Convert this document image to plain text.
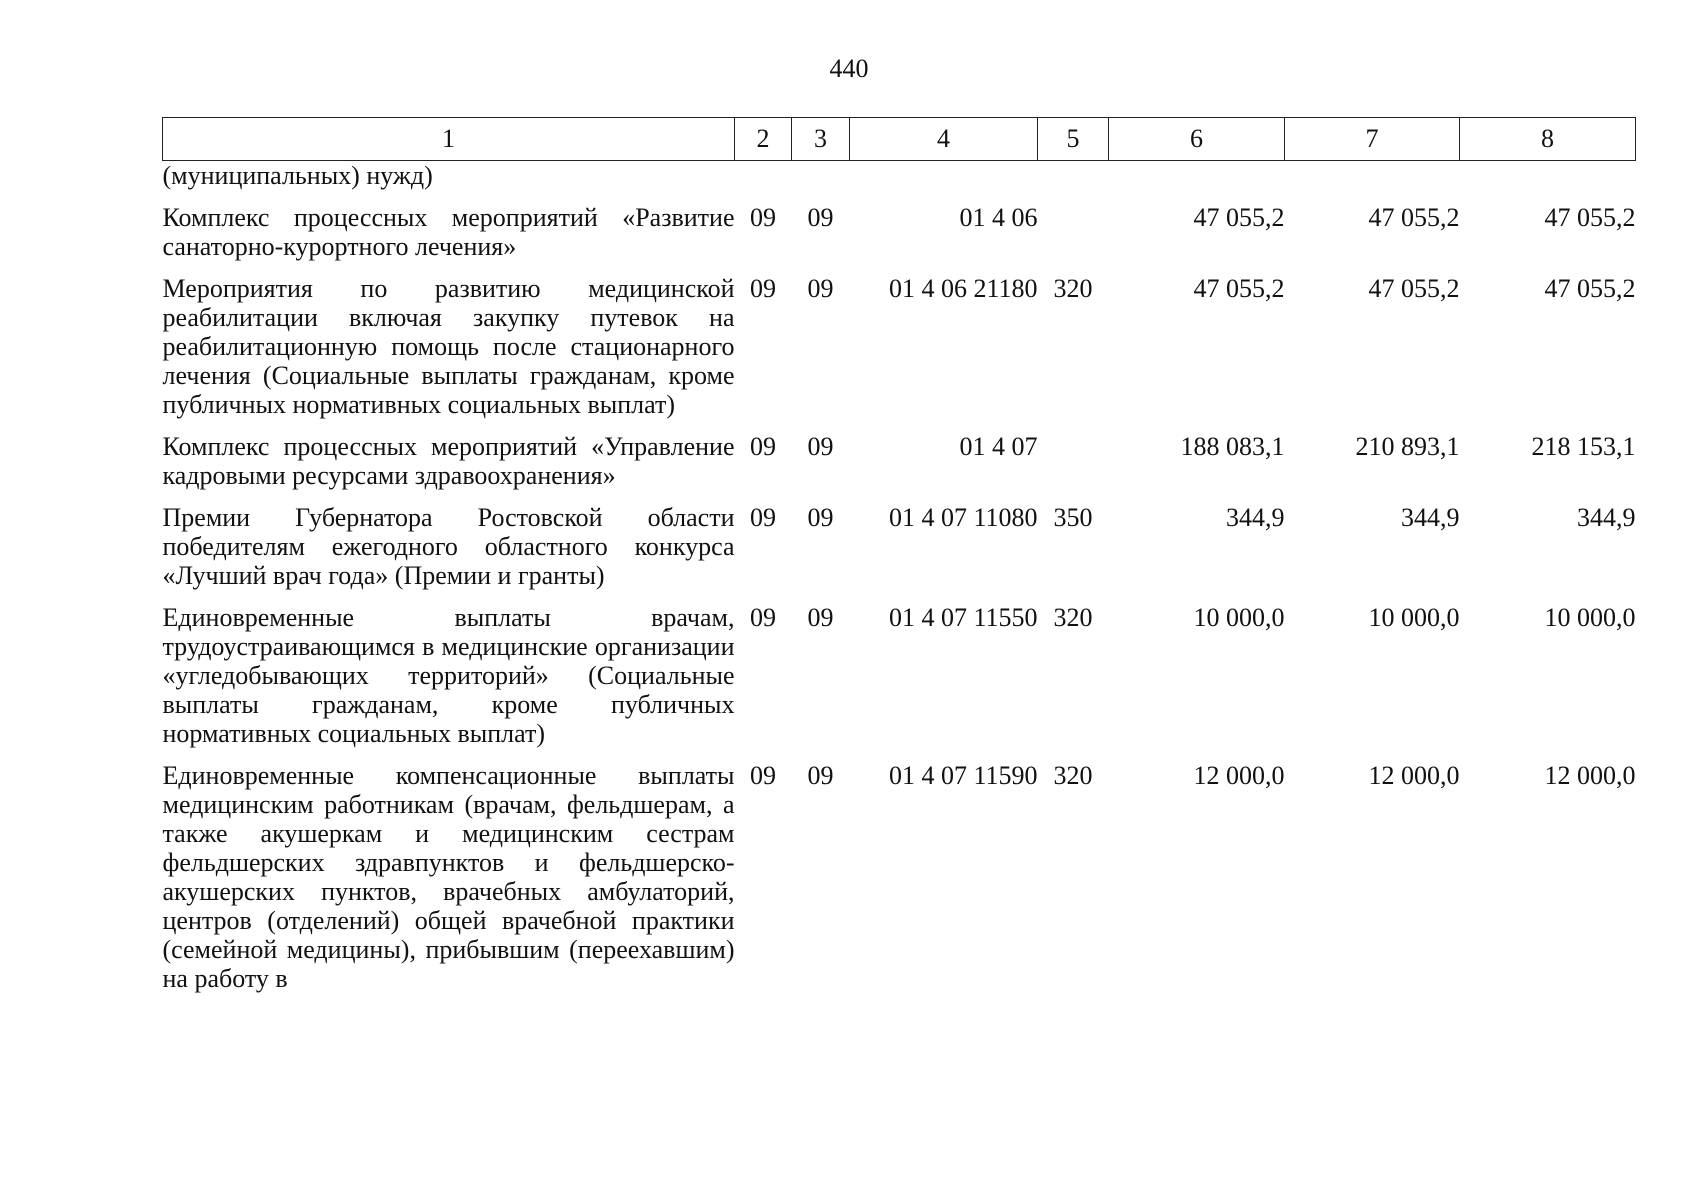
440
1	2	3	4	5	6	7	8
(муниципальных) нужд)							
Комплекс процессных мероприятий «Развитие санаторно-курортного лечения»	09	09	01 4 06		47 055,2	47 055,2	47 055,2
Мероприятия по развитию медицинской реабилитации включая закупку путевок на реабилитационную помощь после стационарного лечения (Социальные выплаты гражданам, кроме публичных нормативных социальных выплат)	09	09	01 4 06 21180	320	47 055,2	47 055,2	47 055,2
Комплекс процессных мероприятий «Управление кадровыми ресурсами здравоохранения»	09	09	01 4 07		188 083,1	210 893,1	218 153,1
Премии Губернатора Ростовской области победителям ежегодного областного конкурса «Лучший врач года» (Премии и гранты)	09	09	01 4 07 11080	350	344,9	344,9	344,9
Единовременные выплаты врачам, трудоустраивающимся в медицинские организации «угледобывающих территорий» (Социальные выплаты гражданам, кроме публичных нормативных социальных выплат)	09	09	01 4 07 11550	320	10 000,0	10 000,0	10 000,0
Единовременные компенсационные выплаты медицинским работникам (врачам, фельдшерам, а также акушеркам и медицинским сестрам фельдшерских здравпунктов и фельдшерско-акушерских пунктов, врачебных амбулаторий, центров (отделений) общей врачебной практики (семейной медицины), прибывшим (переехавшим) на работу в	09	09	01 4 07 11590	320	12 000,0	12 000,0	12 000,0
